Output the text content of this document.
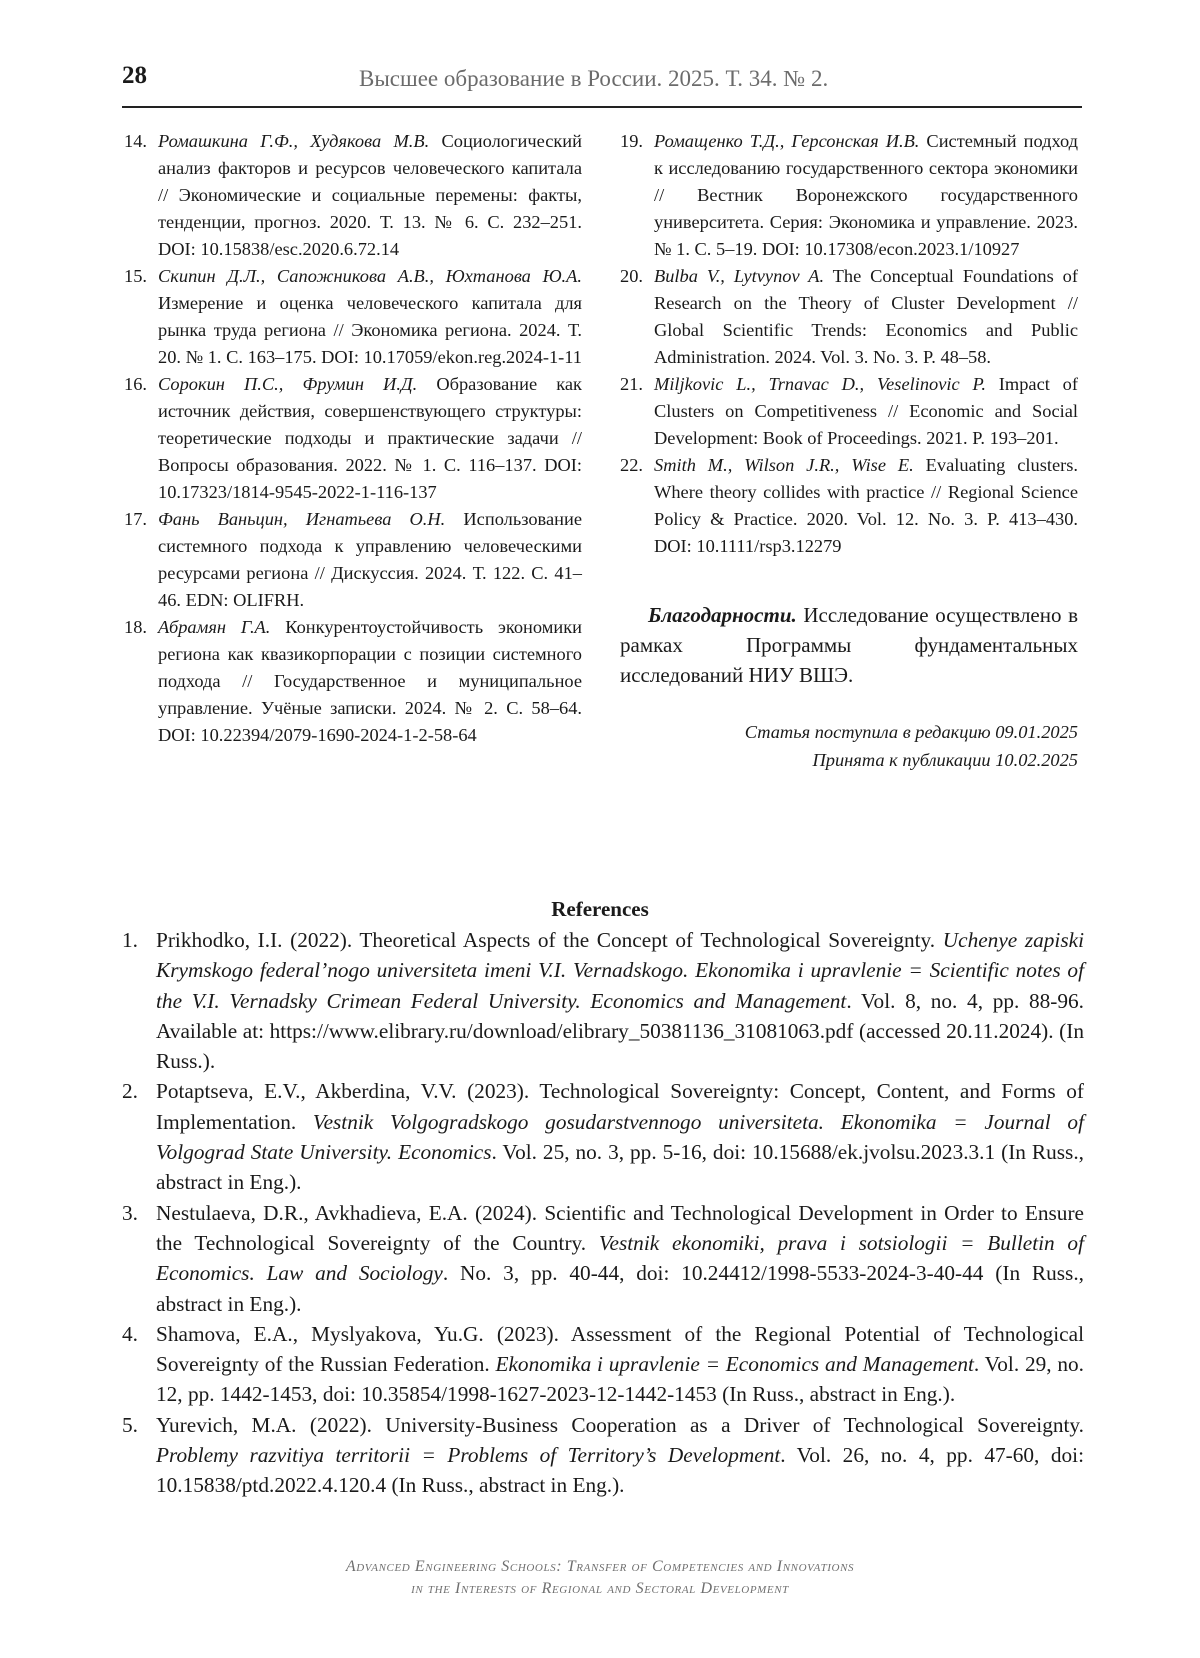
28	Высшее образование в России. 2025. Т. 34. № 2.

14. Ромашкина Г.Ф., Худякова М.В. Социологический анализ факторов и ресурсов человеческого капитала // Экономические и социальные перемены: факты, тенденции, прогноз. 2020. Т. 13. № 6. С. 232–251. DOI: 10.15838/esc.2020.6.72.14

15. Скипин Д.Л., Сапожникова А.В., Юхтанова Ю.А. Измерение и оценка человеческого капитала для рынка труда региона // Экономика региона. 2024. Т. 20. № 1. С. 163–175. DOI: 10.17059/ekon.reg.2024-1-11

16. Сорокин П.С., Фрумин И.Д. Образование как источник действия, совершенствующего структуры: теоретические подходы и практические задачи // Вопросы образования. 2022. № 1. С. 116–137. DOI: 10.17323/1814-9545-2022-1-116-137

17. Фань Ваньцин, Игнатьева О.Н. Использование системного подхода к управлению человеческими ресурсами региона // Дискуссия. 2024. Т. 122. С. 41–46. EDN: OLIFRH.

18. Абрамян Г.А. Конкурентоустойчивость экономики региона как квазикорпорации с позиции системного подхода // Государственное и муниципальное управление. Учёные записки. 2024. № 2. С. 58–64. DOI: 10.22394/2079-1690-2024-1-2-58-64

19. Ромащенко Т.Д., Герсонская И.В. Системный подход к исследованию государственного сектора экономики // Вестник Воронежского государственного университета. Серия: Экономика и управление. 2023. № 1. С. 5–19. DOI: 10.17308/econ.2023.1/10927

20. Bulba V., Lytvynov A. The Conceptual Foundations of Research on the Theory of Cluster Development // Global Scientific Trends: Economics and Public Administration. 2024. Vol. 3. No. 3. P. 48–58.

21. Miljkovic L., Trnavac D., Veselinovic P. Impact of Clusters on Competitiveness // Economic and Social Development: Book of Proceedings. 2021. P. 193–201.

22. Smith M., Wilson J.R., Wise E. Evaluating clusters. Where theory collides with practice // Regional Science Policy & Practice. 2020. Vol. 12. No. 3. P. 413–430. DOI: 10.1111/rsp3.12279

Благодарности. Исследование осуществлено в рамках Программы фундаментальных исследований НИУ ВШЭ.

Статья поступила в редакцию 09.01.2025
Принята к публикации 10.02.2025
References

1. Prikhodko, I.I. (2022). Theoretical Aspects of the Concept of Technological Sovereignty. Uchenye zapiski Krymskogo federal’nogo universiteta imeni V.I. Vernadskogo. Ekonomika i upravlenie = Scientific notes of the V.I. Vernadsky Crimean Federal University. Economics and Management. Vol. 8, no. 4, pp. 88-96. Available at: https://www.elibrary.ru/download/elibrary_50381136_31081063.pdf (accessed 20.11.2024). (In Russ.).

2. Potaptseva, E.V., Akberdina, V.V. (2023). Technological Sovereignty: Concept, Content, and Forms of Implementation. Vestnik Volgogradskogo gosudarstvennogo universiteta. Ekonomika = Journal of Volgograd State University. Economics. Vol. 25, no. 3, pp. 5-16, doi: 10.15688/ek.jvolsu.2023.3.1 (In Russ., abstract in Eng.).

3. Nestulaeva, D.R., Avkhadieva, E.A. (2024). Scientific and Technological Development in Order to Ensure the Technological Sovereignty of the Country. Vestnik ekonomiki, prava i sotsiologii = Bulletin of Economics. Law and Sociology. No. 3, pp. 40-44, doi: 10.24412/1998-5533-2024-3-40-44 (In Russ., abstract in Eng.).

4. Shamova, E.A., Myslyakova, Yu.G. (2023). Assessment of the Regional Potential of Technological Sovereignty of the Russian Federation. Ekonomika i upravlenie = Economics and Management. Vol. 29, no. 12, pp. 1442-1453, doi: 10.35854/1998-1627-2023-12-1442-1453 (In Russ., abstract in Eng.).

5. Yurevich, M.A. (2022). University-Business Cooperation as a Driver of Technological Sovereignty. Problemy razvitiya territorii = Problems of Territory’s Development. Vol. 26, no. 4, pp. 47-60, doi: 10.15838/ptd.2022.4.120.4 (In Russ., abstract in Eng.).

Advanced Engineering Schools: Transfer of Competencies and Innovations
in the Interests of Regional and Sectoral Development
